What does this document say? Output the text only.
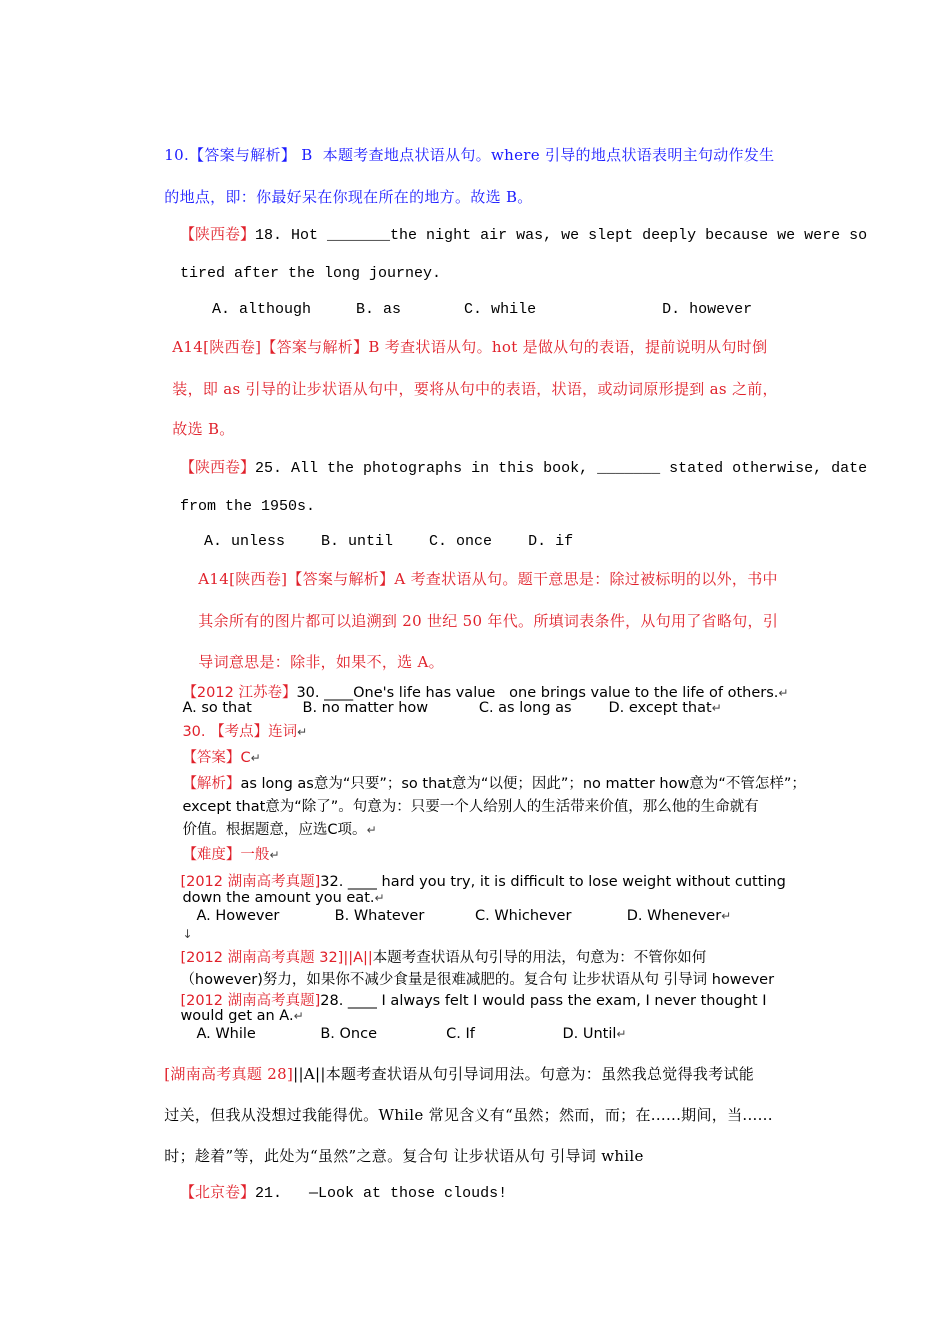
10.【答案与解析】 B  本题考查地点状语从句。where 引导的地点状语表明主句动作发生

的地点，即：你最好呆在你现在所在的地方。故选 B。

【陕西卷】18. Hot _______the night air was, we slept deeply because we were so

tired after the long journey.

A. although     B. as       C. while              D. however

A14[陕西卷]【答案与解析】B 考查状语从句。hot 是做从句的表语，提前说明从句时倒

装，即 as 引导的让步状语从句中，要将从句中的表语，状语，或动词原形提到 as 之前，

故选 B。

【陕西卷】25. All the photographs in this book, _______ stated otherwise, date

from the 1950s.

A. unless    B. until    C. once    D. if

A14[陕西卷]【答案与解析】A 考查状语从句。题干意思是：除过被标明的以外，书中

其余所有的图片都可以追溯到 20 世纪 50 年代。所填词表条件，从句用了省略句，引

导词意思是：除非，如果不，选 A。

【2012 江苏卷】30. ____One's life has value   one brings value to the life of others.↵

A. so that           B. no matter how           C. as long as        D. except that↵

30. 【考点】连词↵

【答案】C↵

【解析】as long as意为“只要”；so that意为“以便；因此”；no matter how意为“不管怎样”；

except that意为“除了”。句意为：只要一个人给别人的生活带来价值，那么他的生命就有

价值。根据题意，应选C项。↵

【难度】一般↵

[2012 湖南高考真题]32. ____ hard you try, it is difficult to lose weight without cutting

down the amount you eat.↵

A. However            B. Whatever           C. Whichever            D. Whenever↵

↓

[2012 湖南高考真题 32]||A||本题考查状语从句引导的用法，句意为：不管你如何

（however)努力，如果你不减少食量是很难减肥的。复合句 让步状语从句 引导词 however

[2012 湖南高考真题]28. ____ I always felt I would pass the exam, I never thought I

would get an A.↵

A. While              B. Once               C. If                   D. Until↵

[湖南高考真题 28]||A||本题考查状语从句引导词用法。句意为：虽然我总觉得我考试能

过关，但我从没想过我能得优。While 常见含义有“虽然；然而，而；在......期间，当......

时；趁着”等，此处为“虽然”之意。复合句 让步状语从句 引导词 while

【北京卷】21.   —Look at those clouds!
